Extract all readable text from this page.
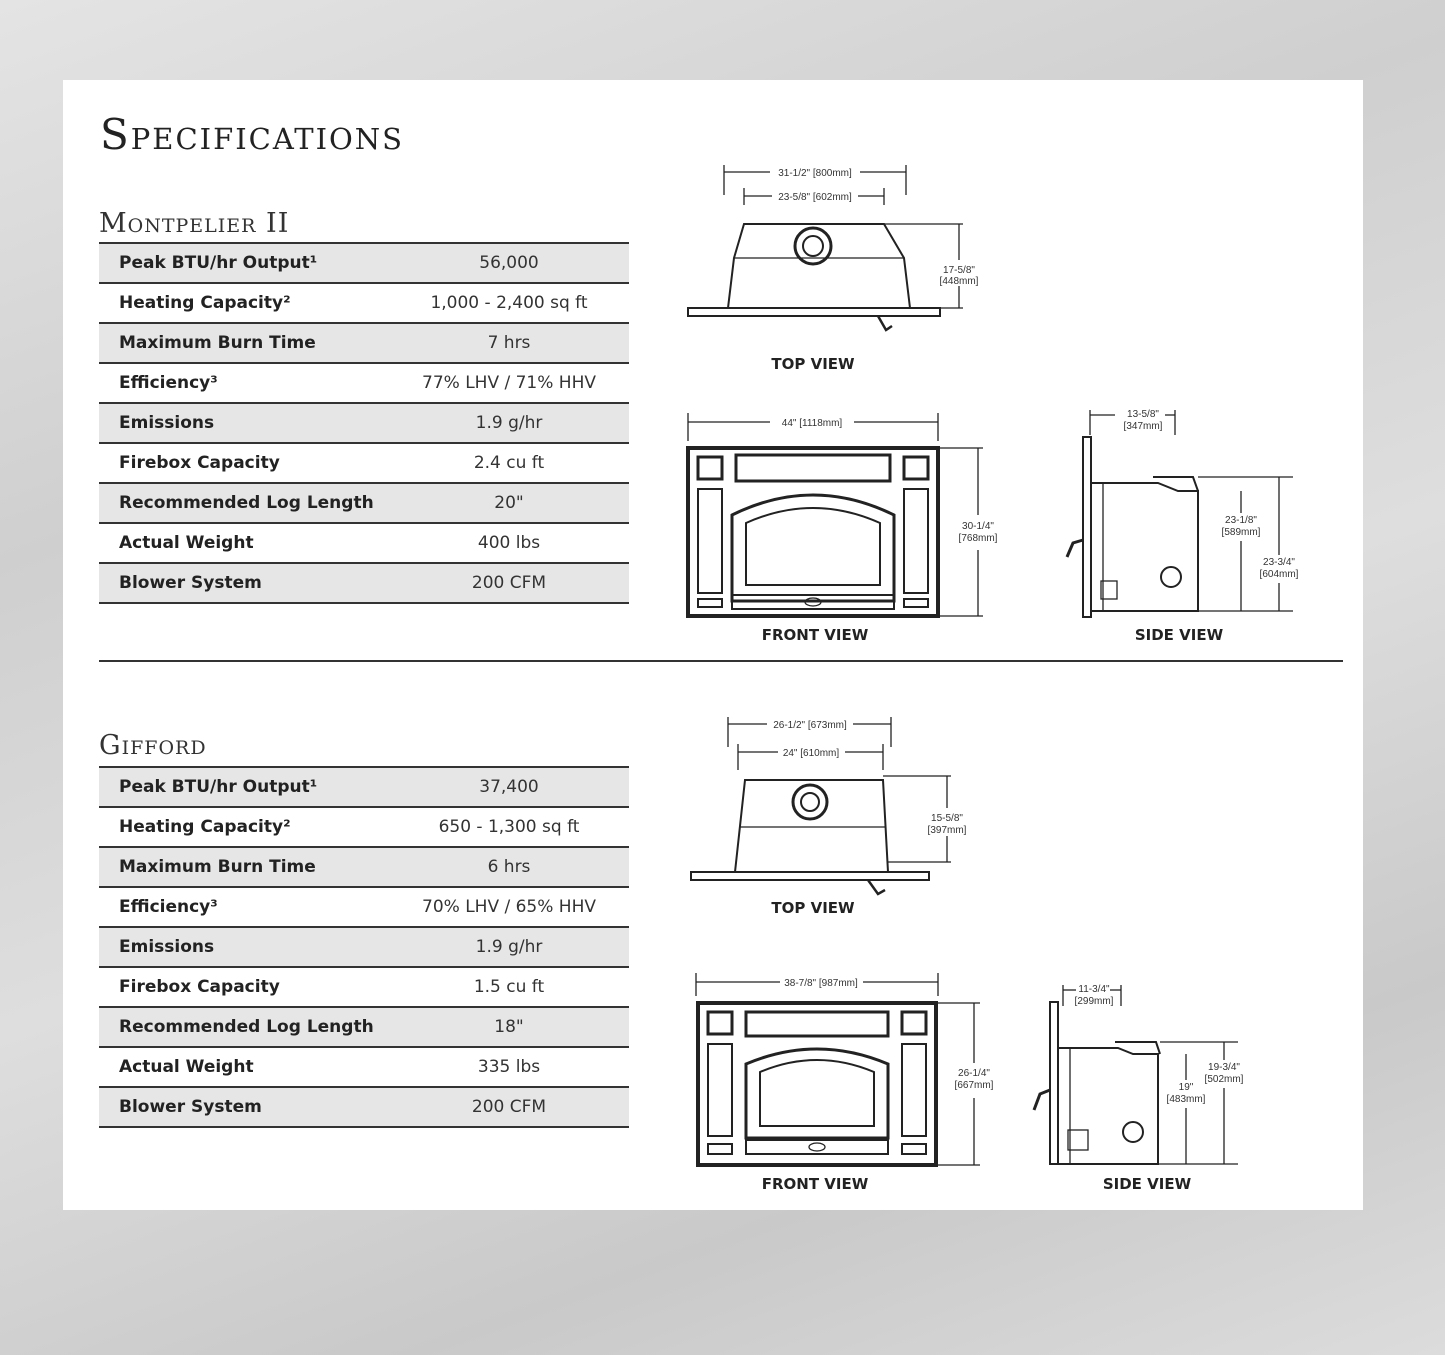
Specifications
Montpelier II
Peak BTU/hr Output¹	56,000
Heating Capacity²	1,000 - 2,400 sq ft
Maximum Burn Time	7 hrs
Efficiency³	77% LHV / 71% HHV
Emissions	1.9 g/hr
Firebox Capacity	2.4 cu ft
Recommended Log Length	20"
Actual Weight	400 lbs
Blower System	200 CFM
31-1/2" [800mm]
23-5/8" [602mm]
17-5/8"
[448mm]
TOP VIEW
44" [1118mm]
30-1/4"
[768mm]
FRONT VIEW
13-5/8"
[347mm]
23-1/8"
[589mm]
23-3/4"
[604mm]
SIDE VIEW
Gifford
Peak BTU/hr Output¹	37,400
Heating Capacity²	650 - 1,300 sq ft
Maximum Burn Time	6 hrs
Efficiency³	70% LHV / 65% HHV
Emissions	1.9 g/hr
Firebox Capacity	1.5 cu ft
Recommended Log Length	18"
Actual Weight	335 lbs
Blower System	200 CFM
26-1/2" [673mm]
24" [610mm]
15-5/8"
[397mm]
TOP VIEW
38-7/8" [987mm]
26-1/4"
[667mm]
FRONT VIEW
11-3/4"
[299mm]
19"
[483mm]
19-3/4"
[502mm]
SIDE VIEW
